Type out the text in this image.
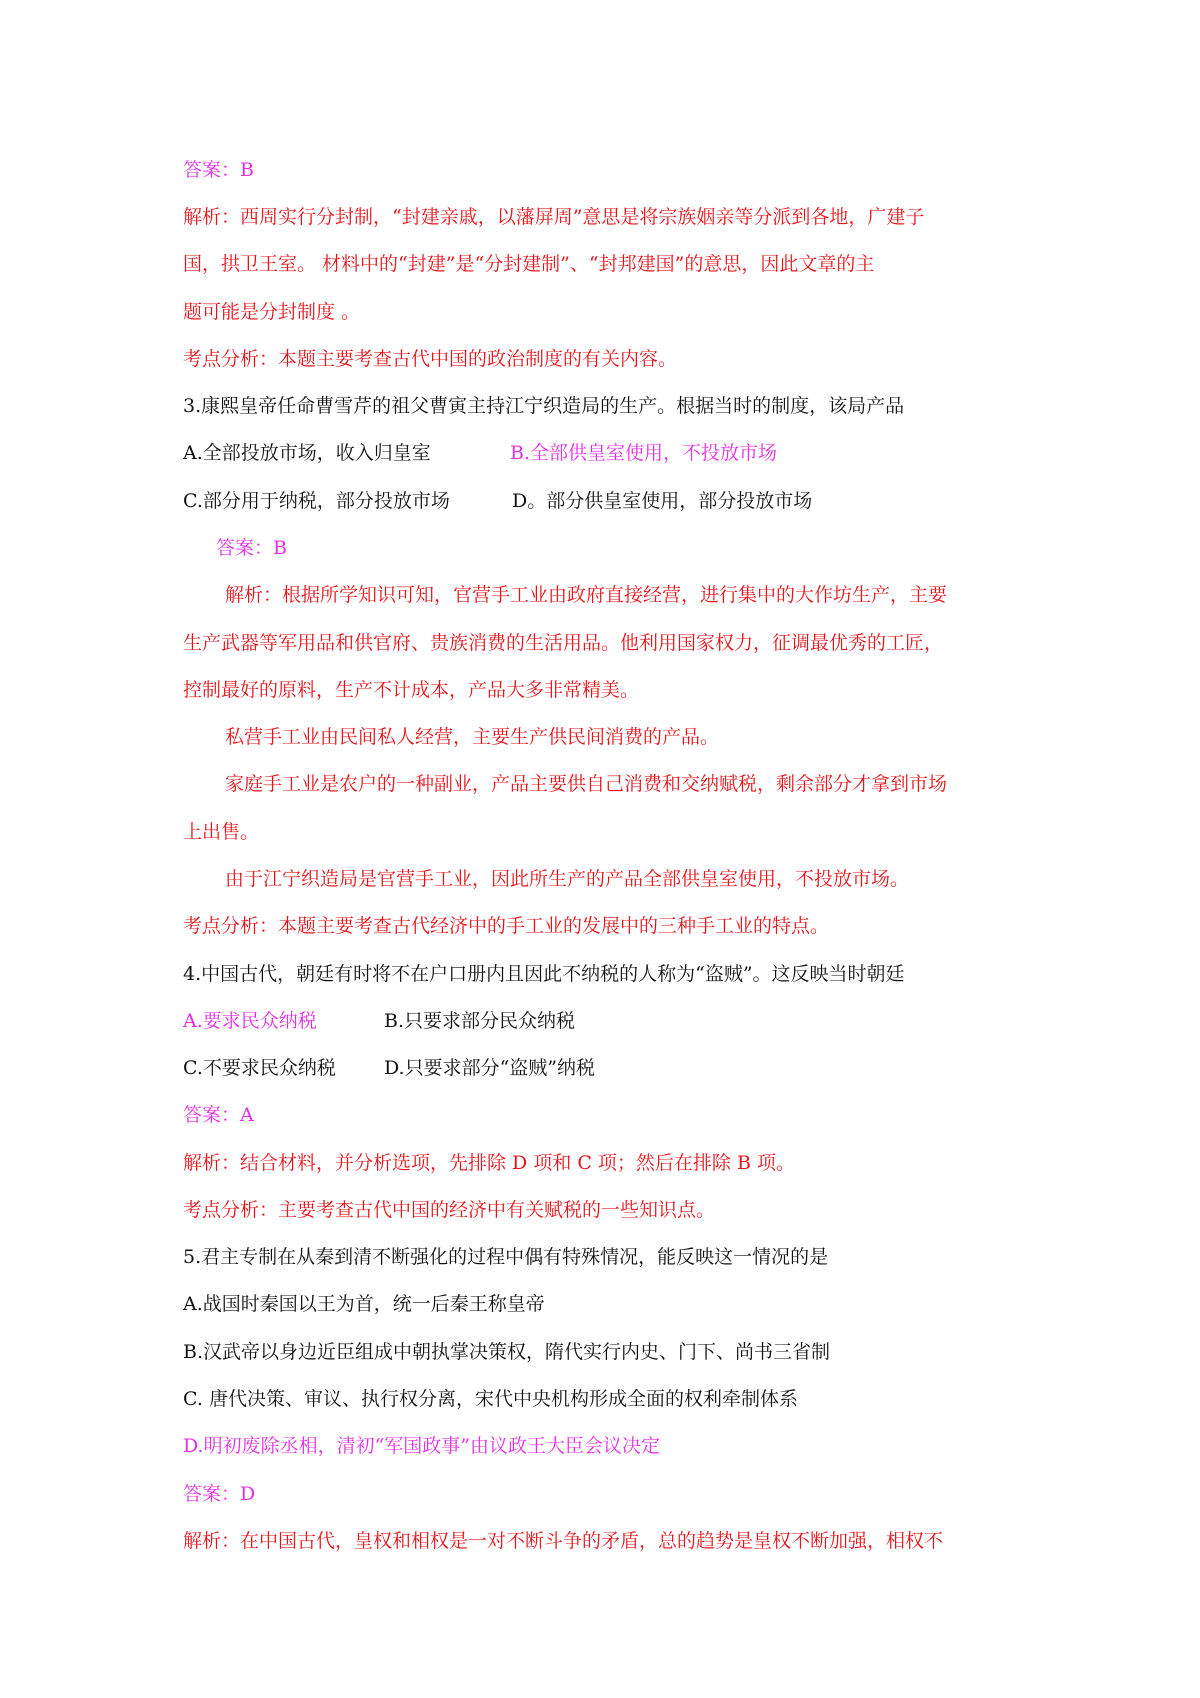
答案：B
解析：西周实行分封制，“封建亲戚，以藩屏周”意思是将宗族姻亲等分派到各地，广建子
国，拱卫王室。 材料中的“封建”是“分封建制”、“封邦建国”的意思，因此文章的主
题可能是分封制度 。
考点分析：本题主要考查古代中国的政治制度的有关内容。
3.康熙皇帝任命曹雪芹的祖父曹寅主持江宁织造局的生产。根据当时的制度，该局产品
A.全部投放市场，收入归皇室	B.全部供皇室使用，不投放市场
C.部分用于纳税，部分投放市场	D。部分供皇室使用，部分投放市场
答案：B
解析：根据所学知识可知，官营手工业由政府直接经营，进行集中的大作坊生产，主要
生产武器等军用品和供官府、贵族消费的生活用品。他利用国家权力，征调最优秀的工匠，
控制最好的原料，生产不计成本，产品大多非常精美。
私营手工业由民间私人经营，主要生产供民间消费的产品。
家庭手工业是农户的一种副业，产品主要供自己消费和交纳赋税，剩余部分才拿到市场
上出售。
由于江宁织造局是官营手工业，因此所生产的产品全部供皇室使用，不投放市场。
考点分析：本题主要考查古代经济中的手工业的发展中的三种手工业的特点。
4.中国古代，朝廷有时将不在户口册内且因此不纳税的人称为“盗贼”。这反映当时朝廷
A.要求民众纳税	B.只要求部分民众纳税
C.不要求民众纳税	D.只要求部分“盗贼”纳税
答案：A
解析：结合材料，并分析选项，先排除 D 项和 C 项；然后在排除 B 项。
考点分析：主要考查古代中国的经济中有关赋税的一些知识点。
5.君主专制在从秦到清不断强化的过程中偶有特殊情况，能反映这一情况的是
A.战国时秦国以王为首，统一后秦王称皇帝
B.汉武帝以身边近臣组成中朝执掌决策权，隋代实行内史、门下、尚书三省制
C. 唐代决策、审议、执行权分离，宋代中央机构形成全面的权利牵制体系
D.明初废除丞相，清初“军国政事”由议政王大臣会议决定
答案：D
解析：在中国古代，皇权和相权是一对不断斗争的矛盾，总的趋势是皇权不断加强，相权不
